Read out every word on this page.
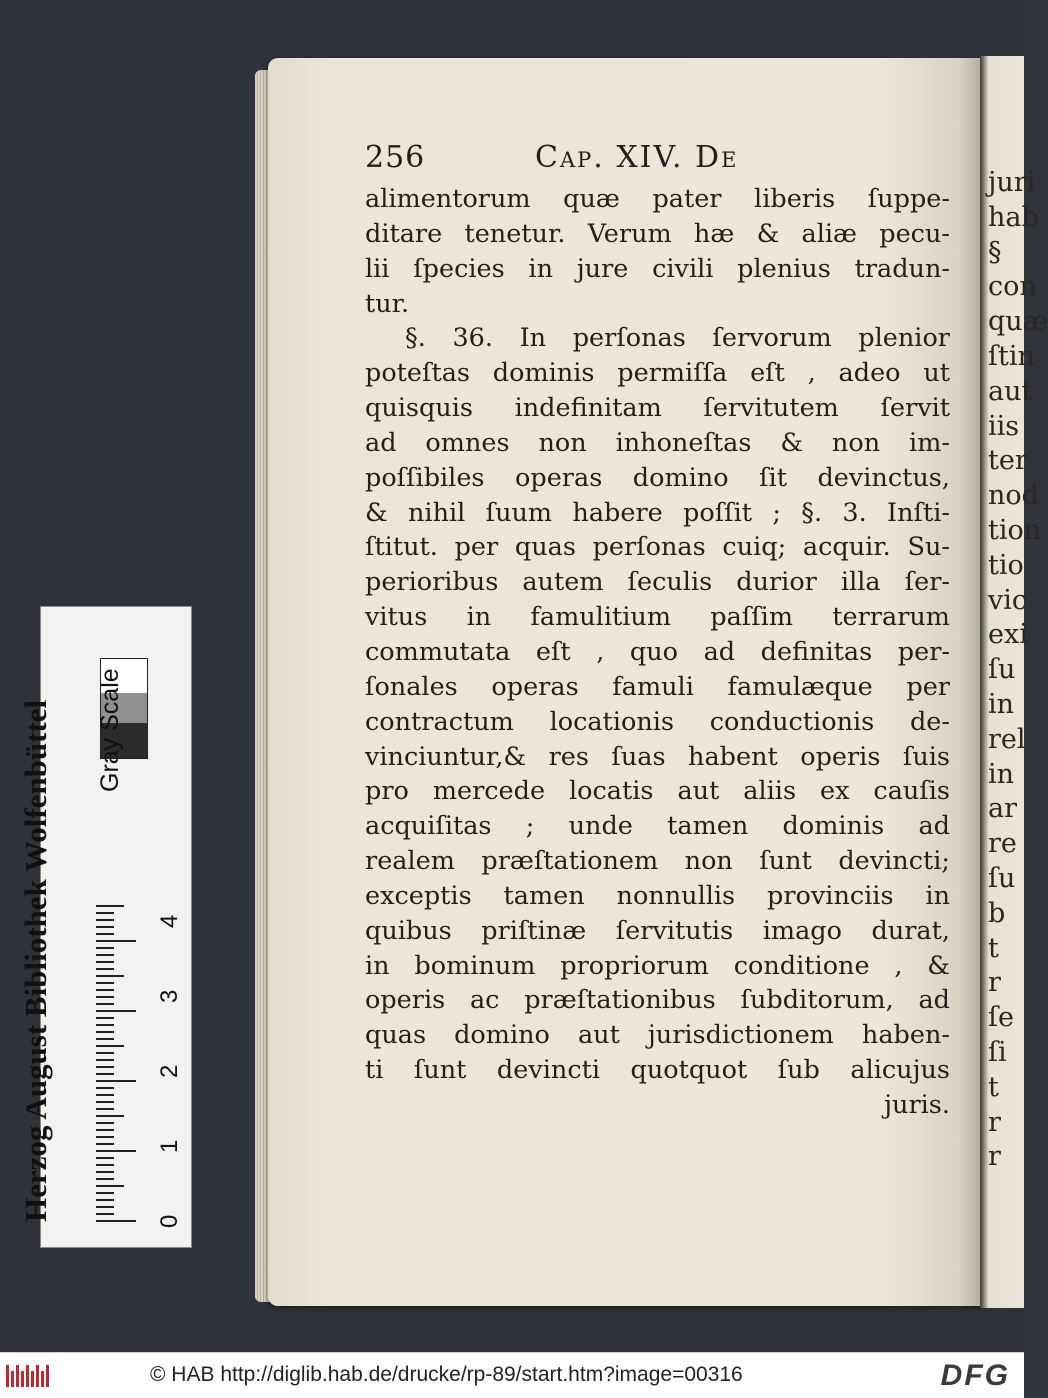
juri
hab
§
con
quæ
ſtin
aut
iis
ter
nod
tion
tio
vic
exi
ſu
in
rel
in
ar
re
ſu
b
t
r
ſe
ſi
t
r
r
256	Cap. XIV. De
alimentorum quæ pater liberis ſuppe-
ditare tenetur. Verum hæ & aliæ pecu-
lii ſpecies in jure civili plenius tradun-
tur.
§. 36. In perſonas ſervorum plenior
poteſtas dominis permiſſa eſt , adeo ut
quisquis indefinitam ſervitutem ſervit
ad omnes non inhoneſtas & non im-
poſſibiles operas domino ſit devinctus,
& nihil ſuum habere poſſit ; §. 3. Inſti-
ſtitut. per quas perſonas cuiq; acquir. Su-
perioribus autem ſeculis durior illa ſer-
vitus in famulitium paſſim terrarum
commutata eſt , quo ad definitas per-
ſonales operas famuli famulæque per
contractum locationis conductionis de-
vinciuntur,& res ſuas habent operis ſuis
pro mercede locatis aut aliis ex cauſis
acquiſitas ; unde tamen dominis ad
realem præſtationem non ſunt devincti;
exceptis tamen nonnullis provinciis in
quibus priſtinæ ſervitutis imago durat,
in bominum propriorum conditione , &
operis ac præſtationibus ſubditorum, ad
quas domino aut jurisdictionem haben-
ti ſunt devincti quotquot ſub alicujus
juris.
Herzog August Bibliothek Wolfenbüttel Gray Scale
0
1
2
3
4
© HAB http://diglib.hab.de/drucke/rp-89/start.htm?image=00316	DFG
